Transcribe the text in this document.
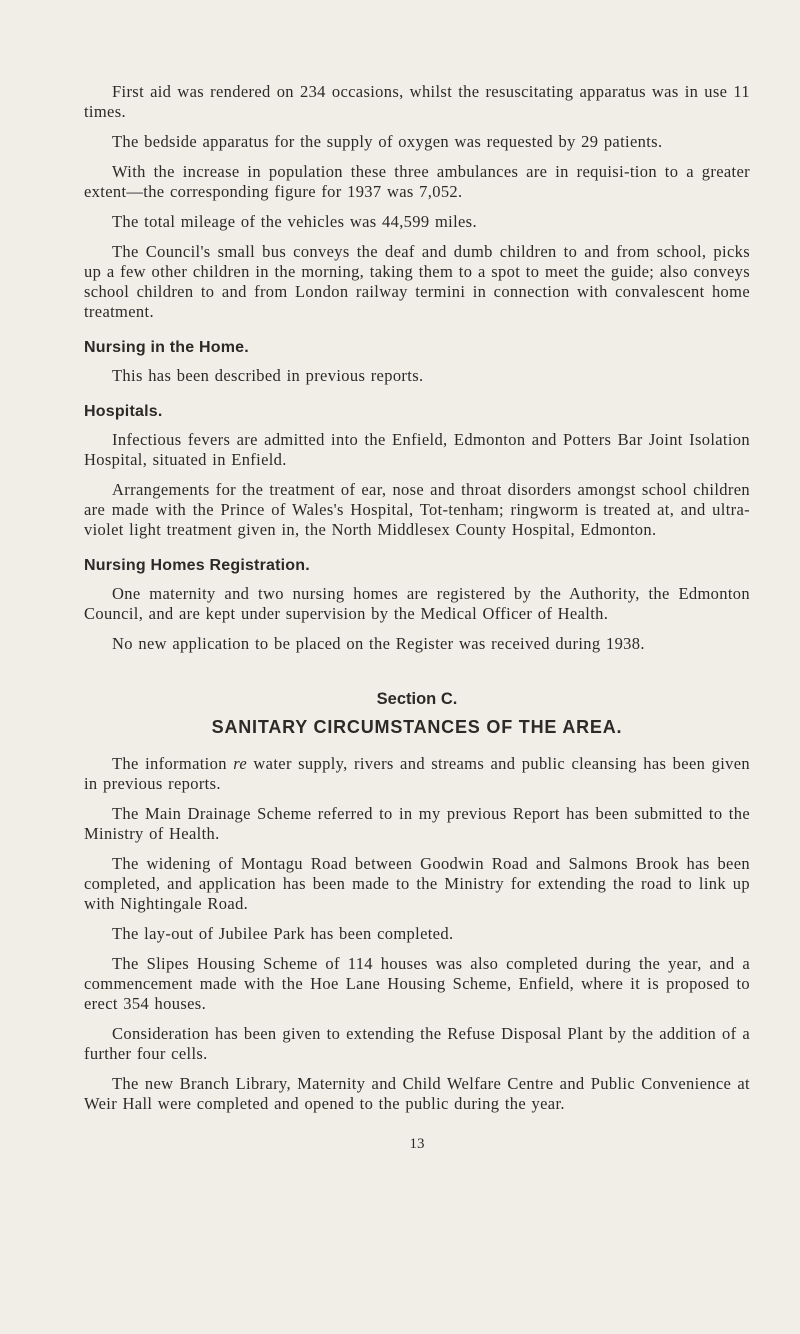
First aid was rendered on 234 occasions, whilst the resuscitating apparatus was in use 11 times.

The bedside apparatus for the supply of oxygen was requested by 29 patients.

With the increase in population these three ambulances are in requisi-tion to a greater extent—the corresponding figure for 1937 was 7,052.

The total mileage of the vehicles was 44,599 miles.

The Council's small bus conveys the deaf and dumb children to and from school, picks up a few other children in the morning, taking them to a spot to meet the guide; also conveys school children to and from London railway termini in connection with convalescent home treatment.

Nursing in the Home.

This has been described in previous reports.

Hospitals.

Infectious fevers are admitted into the Enfield, Edmonton and Potters Bar Joint Isolation Hospital, situated in Enfield.

Arrangements for the treatment of ear, nose and throat disorders amongst school children are made with the Prince of Wales's Hospital, Tot-tenham; ringworm is treated at, and ultra-violet light treatment given in, the North Middlesex County Hospital, Edmonton.

Nursing Homes Registration.

One maternity and two nursing homes are registered by the Authority, the Edmonton Council, and are kept under supervision by the Medical Officer of Health.

No new application to be placed on the Register was received during 1938.

Section C.
SANITARY CIRCUMSTANCES OF THE AREA.

The information re water supply, rivers and streams and public cleansing has been given in previous reports.

The Main Drainage Scheme referred to in my previous Report has been submitted to the Ministry of Health.

The widening of Montagu Road between Goodwin Road and Salmons Brook has been completed, and application has been made to the Ministry for extending the road to link up with Nightingale Road.

The lay-out of Jubilee Park has been completed.

The Slipes Housing Scheme of 114 houses was also completed during the year, and a commencement made with the Hoe Lane Housing Scheme, Enfield, where it is proposed to erect 354 houses.

Consideration has been given to extending the Refuse Disposal Plant by the addition of a further four cells.

The new Branch Library, Maternity and Child Welfare Centre and Public Convenience at Weir Hall were completed and opened to the public during the year.

13
